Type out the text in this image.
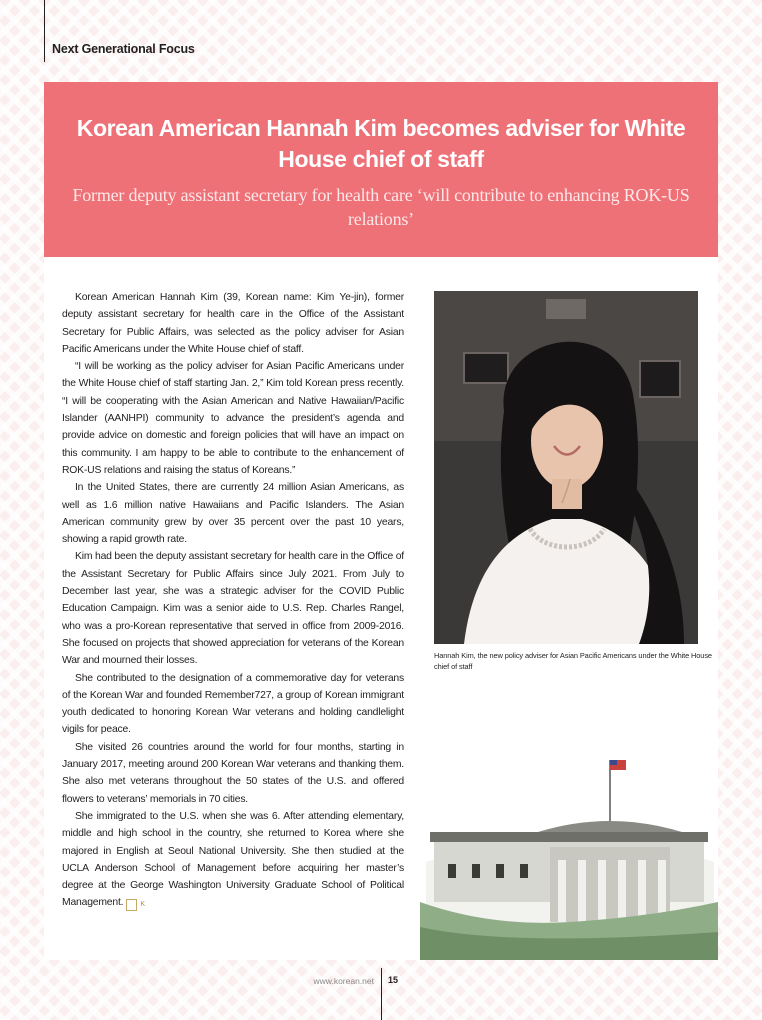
Next Generational Focus
Korean American Hannah Kim becomes adviser for White House chief of staff

Former deputy assistant secretary for health care ‘will contribute to enhancing ROK-US relations’

Korean American Hannah Kim (39, Korean name: Kim Ye-jin), former deputy assistant secretary for health care in the Office of the Assistant Secretary for Public Affairs, was selected as the policy adviser for Asian Pacific Americans under the White House chief of staff.

“I will be working as the policy adviser for Asian Pacific Americans under the White House chief of staff starting Jan. 2,” Kim told Korean press recently. “I will be cooperating with the Asian American and Native Hawaiian/Pacific Islander (AANHPI) community to advance the president’s agenda and provide advice on domestic and foreign policies that will have an impact on this community. I am happy to be able to contribute to the enhancement of ROK-US relations and raising the status of Koreans.”

In the United States, there are currently 24 million Asian Americans, as well as 1.6 million native Hawaiians and Pacific Islanders. The Asian American community grew by over 35 percent over the past 10 years, showing a rapid growth rate.

Kim had been the deputy assistant secretary for health care in the Office of the Assistant Secretary for Public Affairs since July 2021. From July to December last year, she was a strategic adviser for the COVID Public Education Campaign. Kim was a senior aide to U.S. Rep. Charles Rangel, who was a pro-Korean representative that served in office from 2009-2016. She focused on projects that showed appreciation for veterans of the Korean War and mourned their losses.

She contributed to the designation of a commemorative day for veterans of the Korean War and founded Remember727, a group of Korean immigrant youth dedicated to honoring Korean War veterans and holding candlelight vigils for peace.

She visited 26 countries around the world for four months, starting in January 2017, meeting around 200 Korean War veterans and thanking them. She also met veterans throughout the 50 states of the U.S. and offered flowers to veterans’ memorials in 70 cities.

She immigrated to the U.S. when she was 6. After attending elementary, middle and high school in the country, she returned to Korea where she majored in English at Seoul National University. She then studied at the UCLA Anderson School of Management before acquiring her master’s degree at the George Washington University Graduate School of Political Management. K

Hannah Kim, the new policy adviser for Asian Pacific Americans under the White House chief of staff
www.korean.net 15
